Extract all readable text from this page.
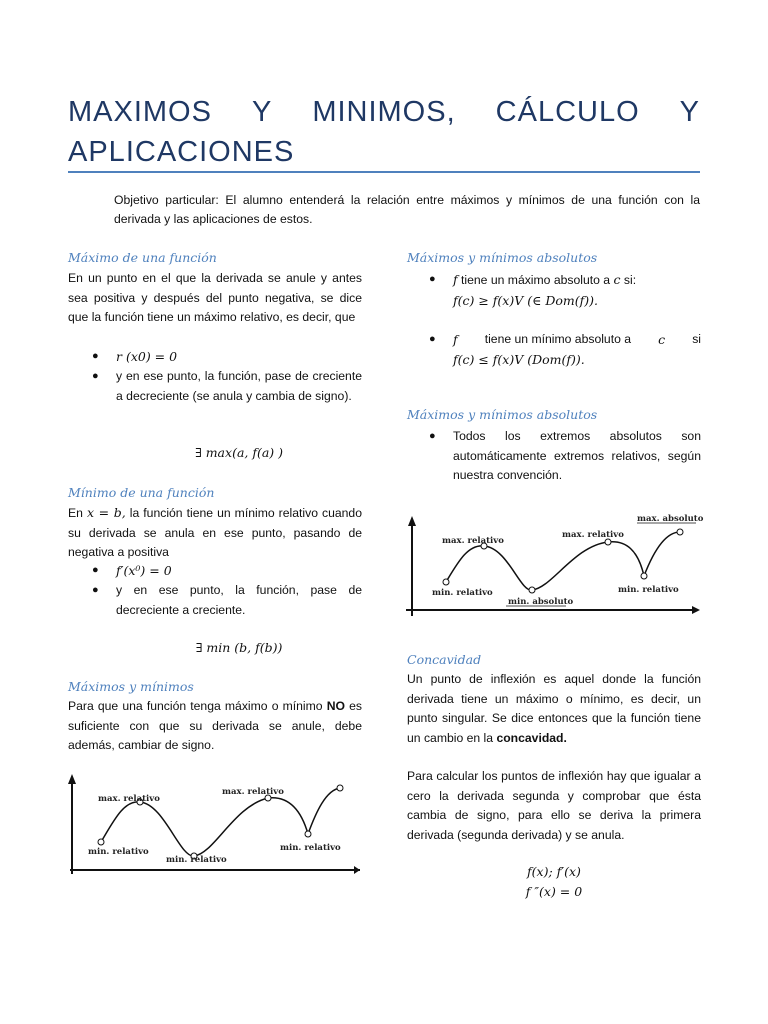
MAXIMOS Y MINIMOS, CÁLCULO Y
APLICACIONES
Objetivo particular: El alumno entenderá la relación entre máximos y mínimos de una función con la derivada y las aplicaciones de estos.
Máximo de una función
En un punto en el que la derivada se anule y antes sea positiva y después del punto negativa, se dice que la función tiene un máximo relativo, es decir, que
● r (x0) = 0
● y en ese punto, la función, pase de creciente a decreciente (se anula y cambia de signo).
∃ max(a, f(a) )
Mínimo de una función
En x = b, la función tiene un mínimo relativo cuando su derivada se anula en ese punto, pasando de negativa a positiva
● f′(x⁰) = 0
● y en ese punto, la función, pase de decreciente a creciente.
∃ min (b, f(b))
Máximos y mínimos
Para que una función tenga máximo o mínimo NO es suficiente con que su derivada se anule, debe además, cambiar de signo.
max. relativo
max. relativo
min. relativo
min. relativo
min. relativo
Máximos y mínimos absolutos
● f tiene un máximo absoluto a c si:
f(c) ≥ f(x)V (∈ Dom(f)).
● f tiene un mínimo absoluto a c si
f(c) ≤ f(x)V (Dom(f)).
Máximos y mínimos absolutos
● Todos los extremos absolutos son automáticamente extremos relativos, según nuestra convención.
max. absoluto
max. relativo
max. relativo
min. relativo
min. absoluto
min. relativo
Concavidad
Un punto de inflexión es aquel donde la función derivada tiene un máximo o mínimo, es decir, un punto singular. Se dice entonces que la función tiene un cambio en la concavidad.
Para calcular los puntos de inflexión hay que igualar a cero la derivada segunda y comprobar que ésta cambia de signo, para ello se deriva la primera derivada (segunda derivada) y se anula.
f(x); f′(x)
f ″(x) = 0
